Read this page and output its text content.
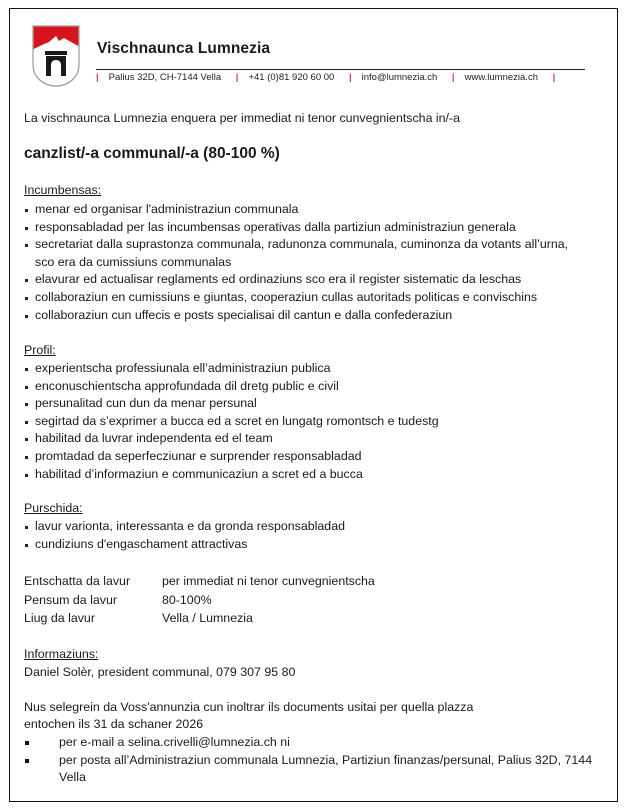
Vischnaunca Lumnezia
| Palius 32D, CH-7144 Vella | +41 (0)81 920 60 00 | info@lumnezia.ch | www.lumnezia.ch |
La vischnaunca Lumnezia enquera per immediat ni tenor cunvegnientscha in/-a
canzlist/-a communal/-a (80-100 %)
Incumbensas:
menar ed organisar l'administraziun communala
responsabladad per las incumbensas operativas dalla partiziun administraziun generala
secretariat dalla suprastonza communala, radunonza communala, cuminonza da votants all’urna, sco era da cumissiuns communalas
elavurar ed actualisar reglaments ed ordinaziuns sco era il register sistematic da leschas
collaboraziun en cumissiuns e giuntas, cooperaziun cullas autoritads politicas e convischins
collaboraziun cun uffecis e posts specialisai dil cantun e dalla confederaziun
Profil:
experientscha professiunala ell’administraziun publica
enconuschientscha approfundada dil dretg public e civil
persunalitad cun dun da menar persunal
segirtad da s’exprimer a bucca ed a scret en lungatg romontsch e tudestg
habilitad da luvrar independenta ed el team
promtadad da seperfecziunar e surprender responsabladad
habilitad d’informaziun e communicaziun a scret ed a bucca
Purschida:
lavur varionta, interessanta e da gronda responsabladad
cundiziuns d'engaschament attractivas
Entschatta da lavur	per immediat ni tenor cunvegnientscha
Pensum da lavur	80-100%
Liug da lavur	Vella / Lumnezia
Informaziuns:
Daniel Solèr, president communal, 079 307 95 80
Nus selegrein da Voss'annunzia cun inoltrar ils documents usitai per quella plazza
entochen ils 31 da schaner 2026
per e-mail a selina.crivelli@lumnezia.ch ni
per posta all’Administraziun communala Lumnezia, Partiziun finanzas/persunal, Palius 32D, 7144 Vella
